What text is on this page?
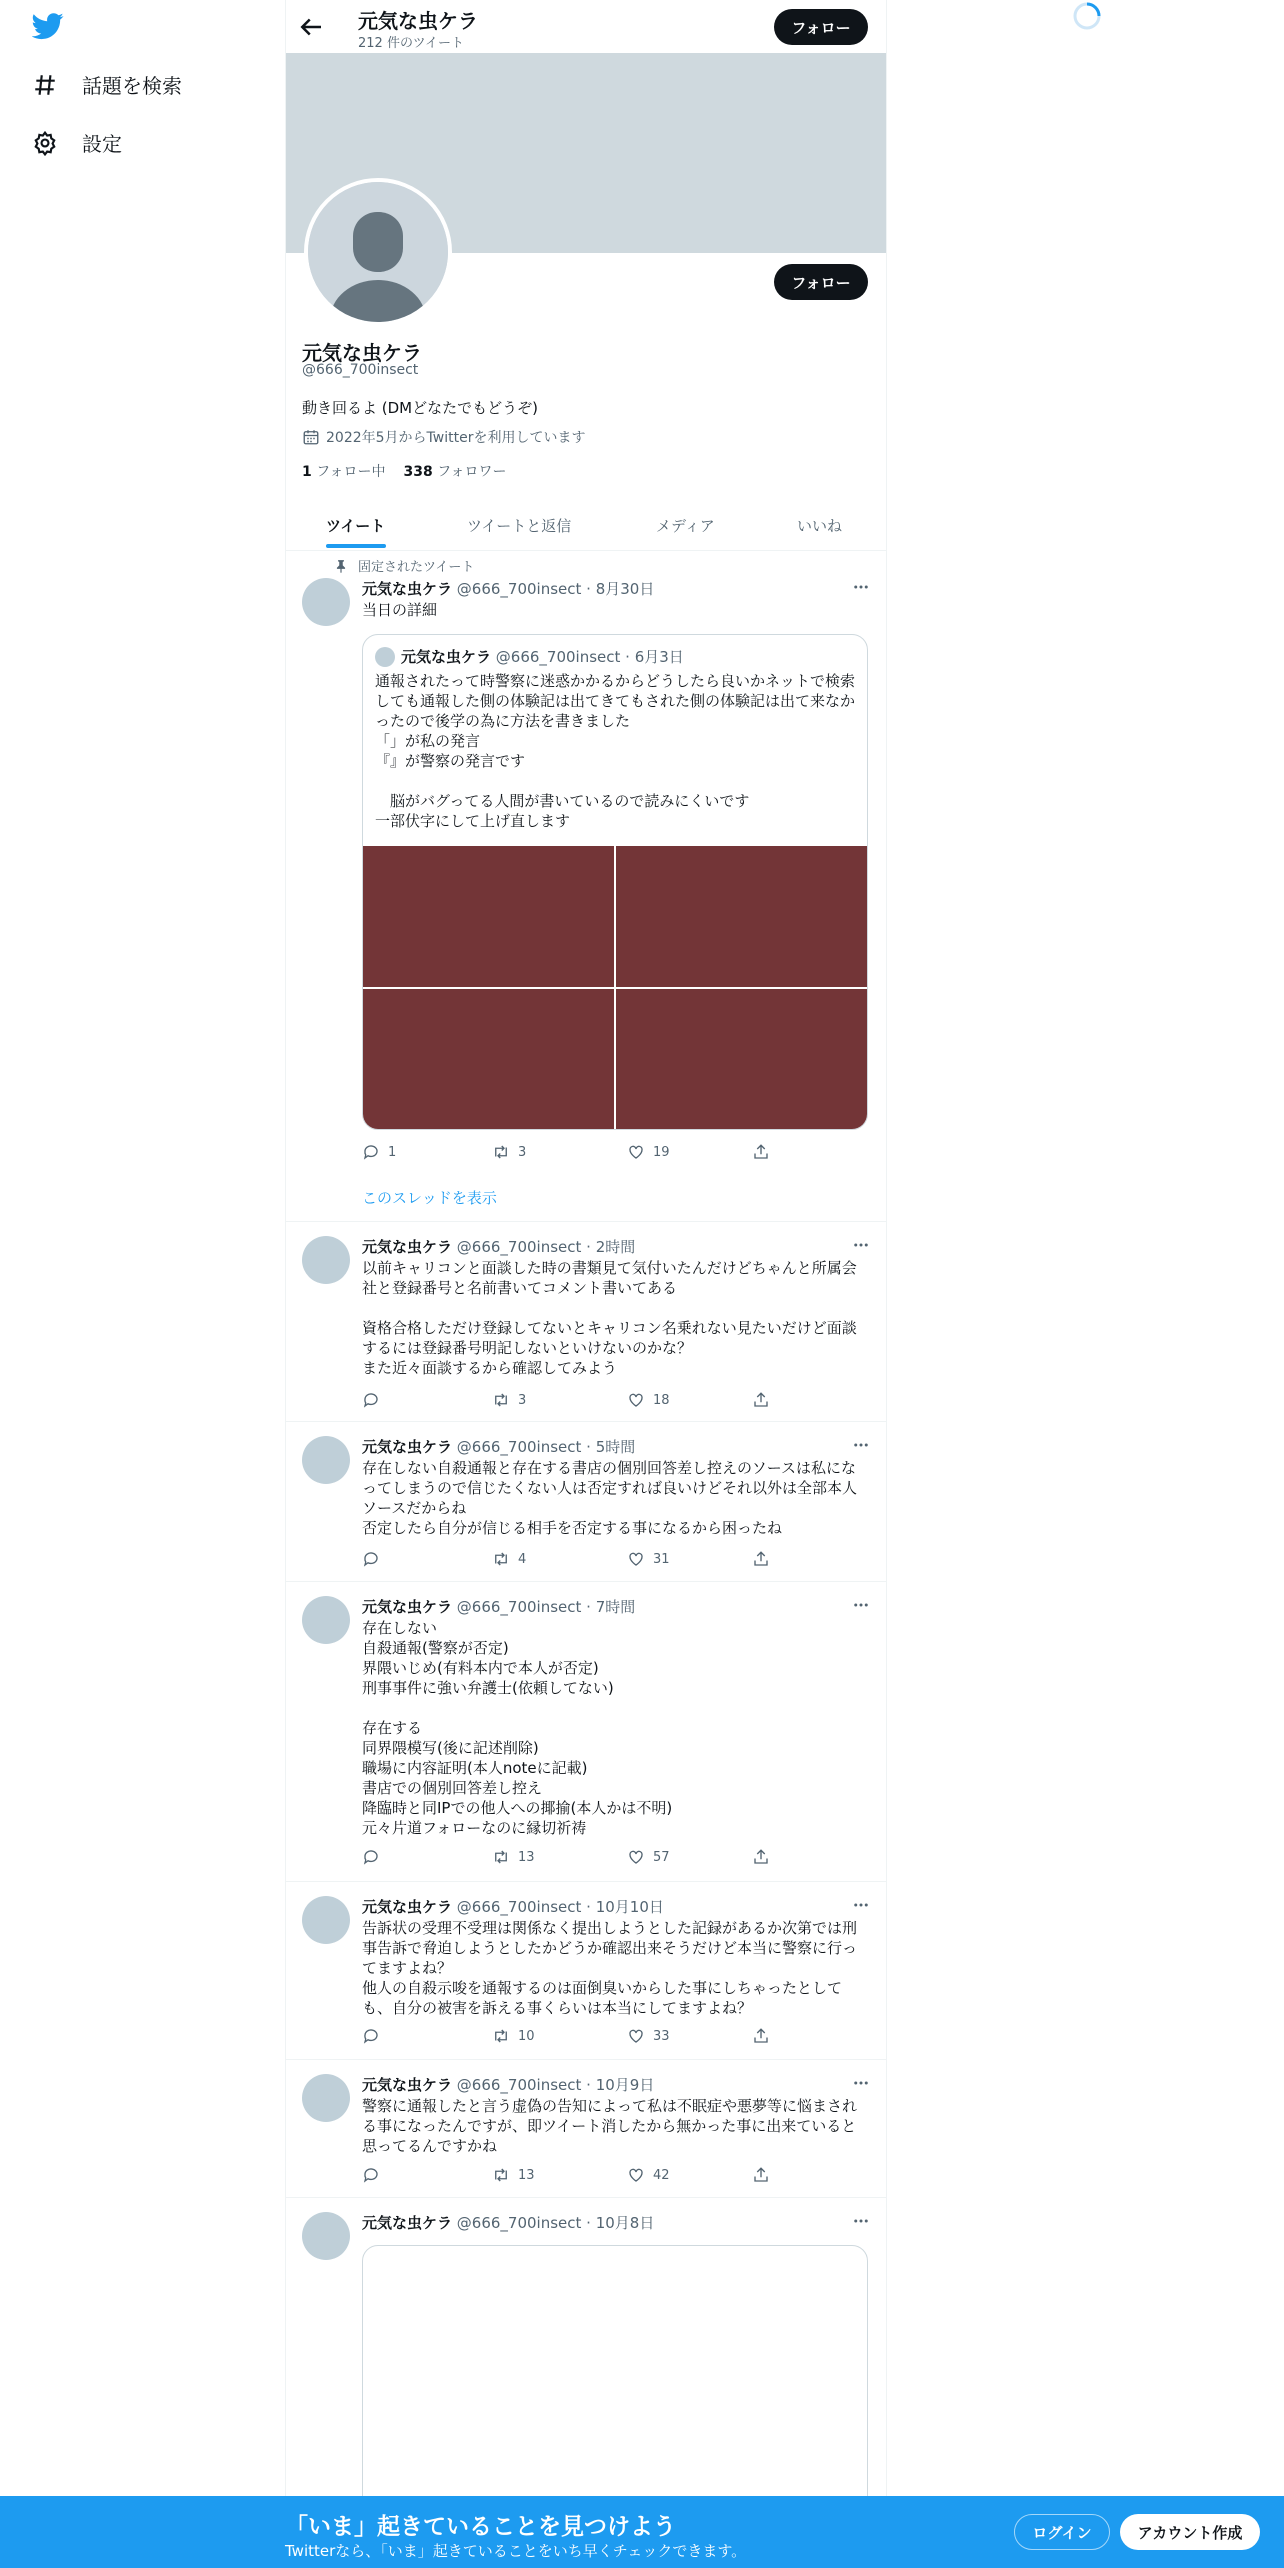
話題を検索
設定
元気な虫ケラ
212 件のツイート
フォロー
フォロー
元気な虫ケラ
@666_700insect
動き回るよ (DMどなたでもどうぞ)
2022年5月からTwitterを利用しています
1 フォロー中 338 フォロワー
ツイート	ツイートと返信	メディア	いいね
固定されたツイート
元気な虫ケラ @666_700insect · 8月30日
当日の詳細
元気な虫ケラ @666_700insect · 6月3日
通報されたって時警察に迷惑かかるからどうしたら良いかネットで検索しても通報した側の体験記は出てきてもされた側の体験記は出て来なかったので後学の為に方法を書きました
「」が私の発言
『』が警察の発言です

　脳がバグってる人間が書いているので読みにくいです
一部伏字にして上げ直します
1	3	19
このスレッドを表示
元気な虫ケラ @666_700insect · 2時間
以前キャリコンと面談した時の書類見て気付いたんだけどちゃんと所属会社と登録番号と名前書いてコメント書いてある

資格合格しただけ登録してないとキャリコン名乗れない見たいだけど面談するには登録番号明記しないといけないのかな？
また近々面談するから確認してみよう
3	18
元気な虫ケラ @666_700insect · 5時間
存在しない自殺通報と存在する書店の個別回答差し控えのソースは私になってしまうので信じたくない人は否定すれば良いけどそれ以外は全部本人ソースだからね
否定したら自分が信じる相手を否定する事になるから困ったね
4	31
元気な虫ケラ @666_700insect · 7時間
存在しない
自殺通報(警察が否定)
界隈いじめ(有料本内で本人が否定)
刑事事件に強い弁護士(依頼してない)

存在する
同界隈模写(後に記述削除)
職場に内容証明(本人noteに記載)
書店での個別回答差し控え
降臨時と同IPでの他人への揶揄(本人かは不明)
元々片道フォローなのに縁切祈祷
13	57
元気な虫ケラ @666_700insect · 10月10日
告訴状の受理不受理は関係なく提出しようとした記録があるか次第では刑事告訴で脅迫しようとしたかどうか確認出来そうだけど本当に警察に行ってますよね？
他人の自殺示唆を通報するのは面倒臭いからした事にしちゃったとしても、自分の被害を訴える事くらいは本当にしてますよね？
10	33
元気な虫ケラ @666_700insect · 10月9日
警察に通報したと言う虚偽の告知によって私は不眠症や悪夢等に悩まされる事になったんですが、即ツイート消したから無かった事に出来ていると思ってるんですかね
13	42
元気な虫ケラ @666_700insect · 10月8日
「いま」起きていることを見つけよう
Twitterなら、「いま」起きていることをいち早くチェックできます。
ログイン	アカウント作成
